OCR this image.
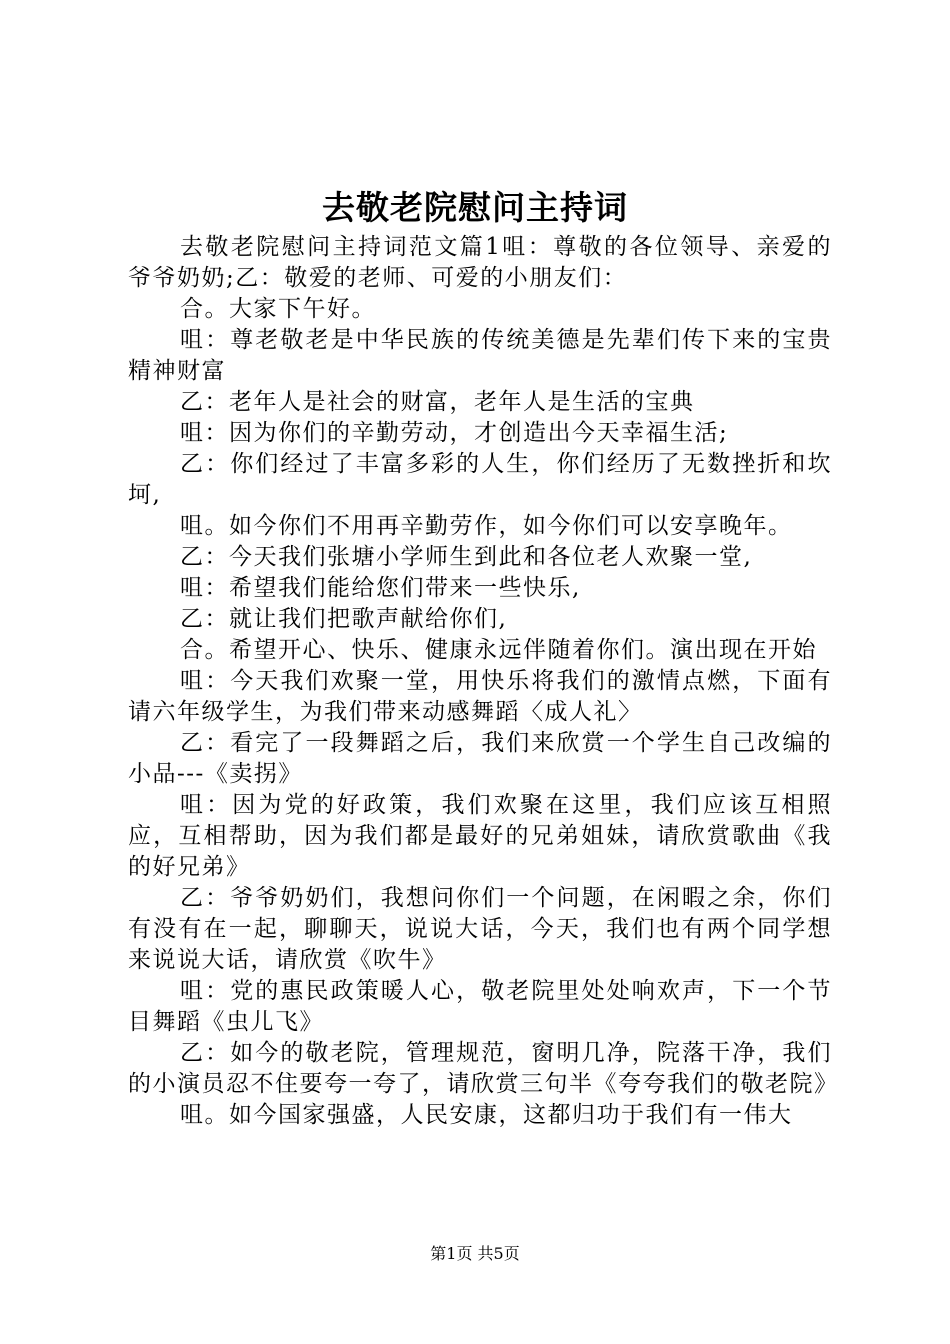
去敬老院慰问主持词

去敬老院慰问主持词范文篇1咀：尊敬的各位领导、亲爱的爷爷奶奶;乙：敬爱的老师、可爱的小朋友们：

合。大家下午好。

咀：尊老敬老是中华民族的传统美德是先辈们传下来的宝贵精神财富

乙：老年人是社会的财富，老年人是生活的宝典

咀：因为你们的辛勤劳动，才创造出今天幸福生活;

乙：你们经过了丰富多彩的人生，你们经历了无数挫折和坎坷,

咀。如今你们不用再辛勤劳作，如今你们可以安享晚年。

乙：今天我们张塘小学师生到此和各位老人欢聚一堂,

咀：希望我们能给您们带来一些快乐,

乙：就让我们把歌声献给你们,

合。希望开心、快乐、健康永远伴随着你们。演出现在开始

咀：今天我们欢聚一堂，用快乐将我们的激情点燃，下面有请六年级学生，为我们带来动感舞蹈〈成人礼〉

乙：看完了一段舞蹈之后，我们来欣赏一个学生自己改编的小品---《卖拐》

咀：因为党的好政策，我们欢聚在这里，我们应该互相照应，互相帮助，因为我们都是最好的兄弟姐妹，请欣赏歌曲《我的好兄弟》

乙：爷爷奶奶们，我想问你们一个问题，在闲暇之余，你们有没有在一起，聊聊天，说说大话，今天，我们也有两个同学想来说说大话，请欣赏《吹牛》

咀：党的惠民政策暖人心，敬老院里处处响欢声，下一个节目舞蹈《虫儿飞》

乙：如今的敬老院，管理规范，窗明几净，院落干净，我们的小演员忍不住要夸一夸了，请欣赏三句半《夸夸我们的敬老院》

咀。如今国家强盛，人民安康，这都归功于我们有一伟大

第1页 共5页
